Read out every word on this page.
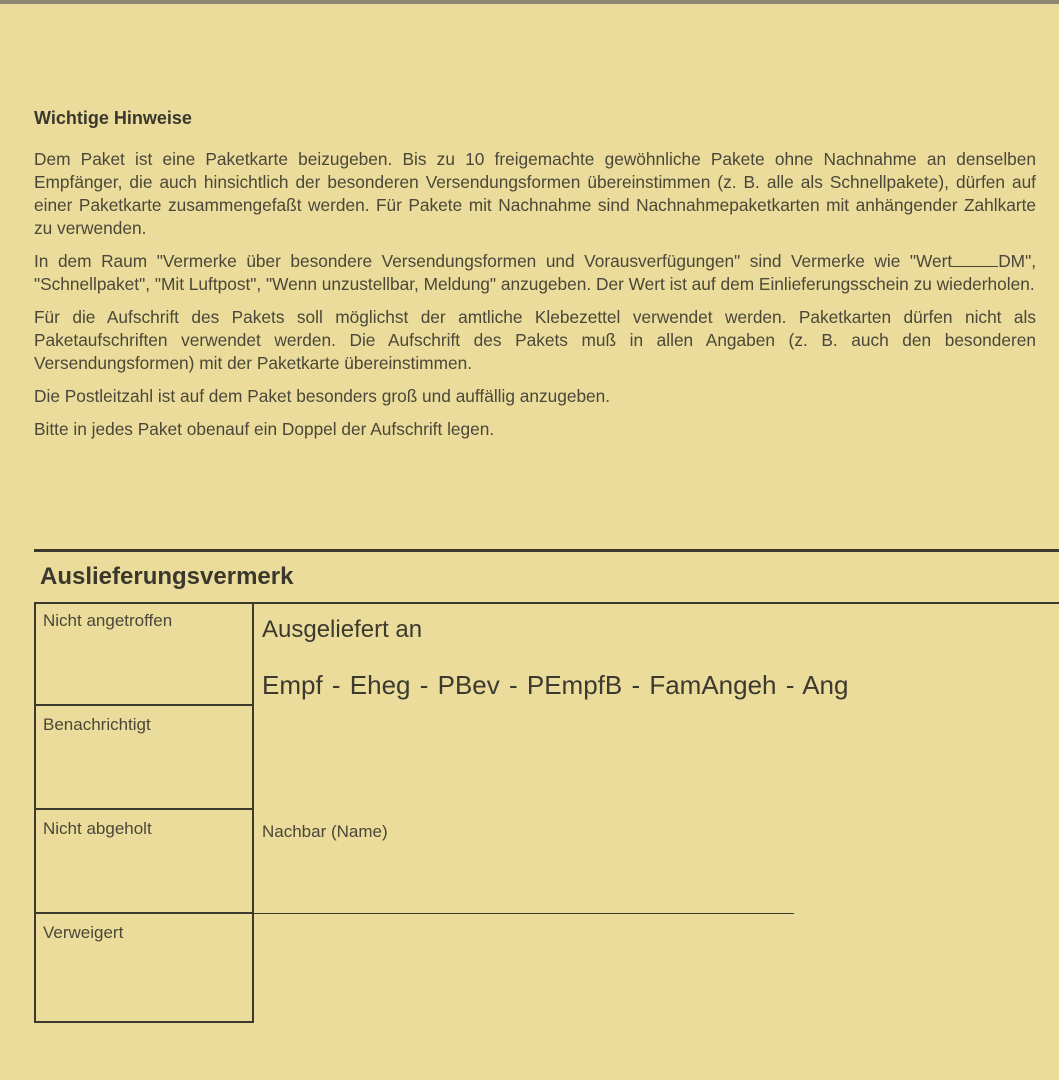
Wichtige Hinweise

Dem Paket ist eine Paketkarte beizugeben. Bis zu 10 freigemachte gewöhnliche Pakete ohne Nachnahme an denselben Empfänger, die auch hinsichtlich der besonderen Versendungsformen übereinstimmen (z. B. alle als Schnellpakete), dürfen auf einer Paketkarte zusammengefaßt werden. Für Pakete mit Nachnahme sind Nachnahmepaketkarten mit anhängender Zahlkarte zu verwenden.

In dem Raum "Vermerke über besondere Versendungsformen und Vorausverfügungen" sind Vermerke wie "Wert	DM", "Schnellpaket", "Mit Luftpost", "Wenn unzustellbar, Meldung" anzugeben. Der Wert ist auf dem Einlieferungsschein zu wiederholen.

Für die Aufschrift des Pakets soll möglichst der amtliche Klebezettel verwendet werden. Paketkarten dürfen nicht als Paketaufschriften verwendet werden. Die Aufschrift des Pakets muß in allen Angaben (z. B. auch den besonderen Versendungsformen) mit der Paketkarte übereinstimmen.

Die Postleitzahl ist auf dem Paket besonders groß und auffällig anzugeben.

Bitte in jedes Paket obenauf ein Doppel der Aufschrift legen.

Auslieferungsvermerk
Nicht angetroffen
Benachrichtigt
Nicht abgeholt
Verweigert
Ausgeliefert an
Empf - Eheg - PBev - PEmpfB - FamAngeh - Ang
Nachbar (Name)
